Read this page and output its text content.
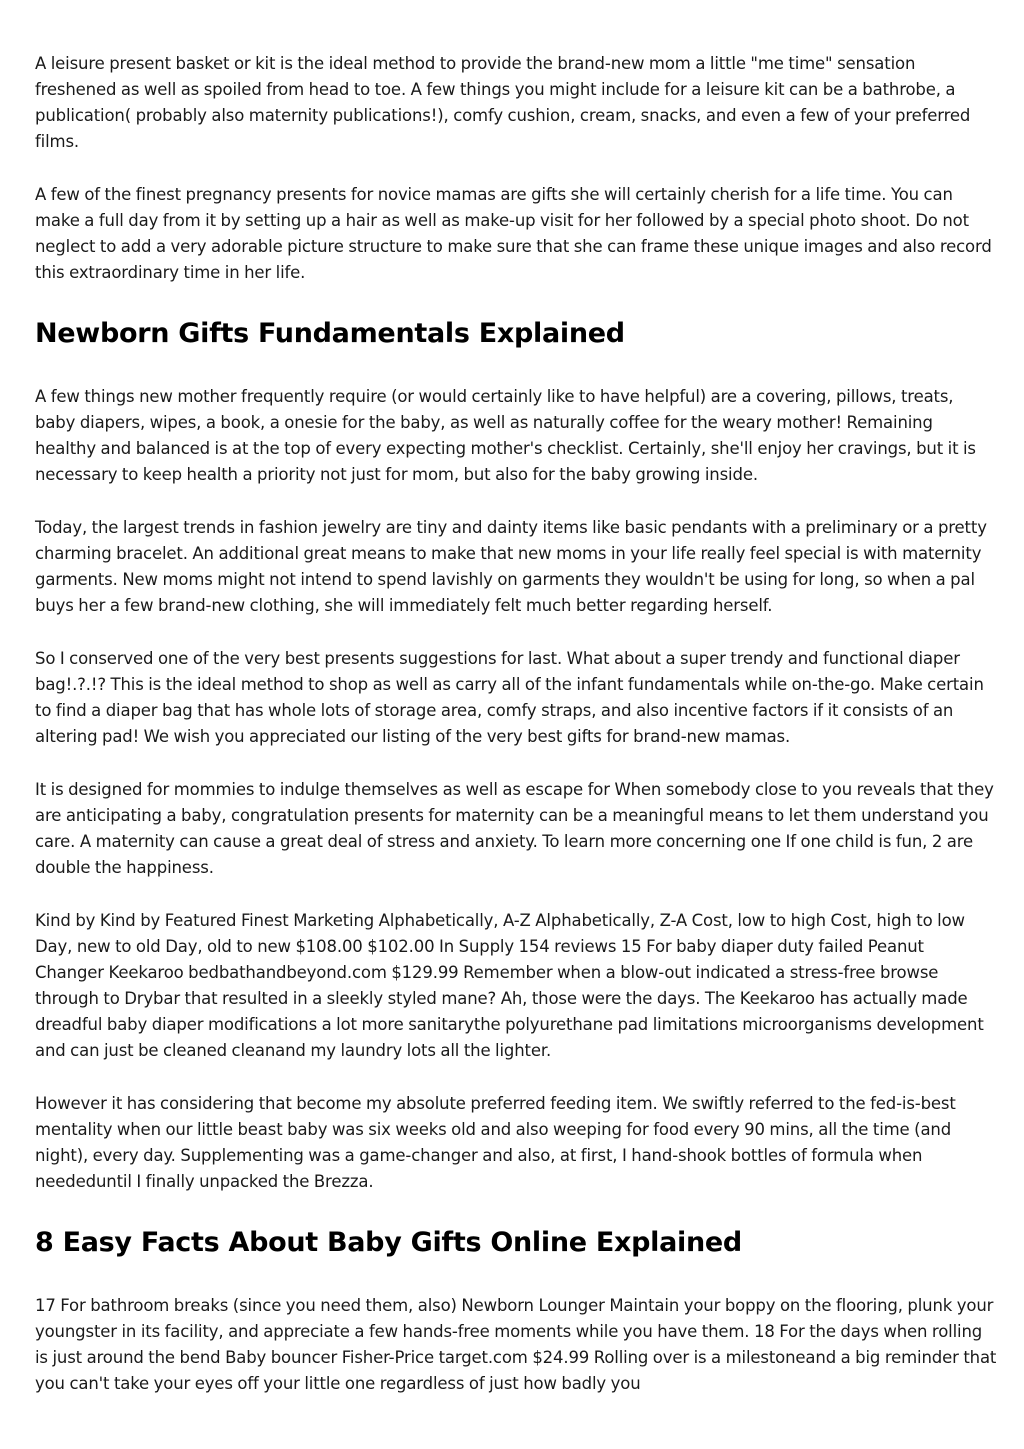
A leisure present basket or kit is the ideal method to provide the brand-new mom a little "me time" sensation freshened as well as spoiled from head to toe. A few things you might include for a leisure kit can be a bathrobe, a publication( probably also maternity publications!), comfy cushion, cream, snacks, and even a few of your preferred films.

A few of the finest pregnancy presents for novice mamas are gifts she will certainly cherish for a life time. You can make a full day from it by setting up a hair as well as make-up visit for her followed by a special photo shoot. Do not neglect to add a very adorable picture structure to make sure that she can frame these unique images and also record this extraordinary time in her life.

Newborn Gifts Fundamentals Explained

A few things new mother frequently require (or would certainly like to have helpful) are a covering, pillows, treats, baby diapers, wipes, a book, a onesie for the baby, as well as naturally coffee for the weary mother! Remaining healthy and balanced is at the top of every expecting mother's checklist. Certainly, she'll enjoy her cravings, but it is necessary to keep health a priority not just for mom, but also for the baby growing inside.

Today, the largest trends in fashion jewelry are tiny and dainty items like basic pendants with a preliminary or a pretty charming bracelet. An additional great means to make that new moms in your life really feel special is with maternity garments. New moms might not intend to spend lavishly on garments they wouldn't be using for long, so when a pal buys her a few brand-new clothing, she will immediately felt much better regarding herself.

So I conserved one of the very best presents suggestions for last. What about a super trendy and functional diaper bag!.?.!? This is the ideal method to shop as well as carry all of the infant fundamentals while on-the-go. Make certain to find a diaper bag that has whole lots of storage area, comfy straps, and also incentive factors if it consists of an altering pad! We wish you appreciated our listing of the very best gifts for brand-new mamas.

It is designed for mommies to indulge themselves as well as escape for When somebody close to you reveals that they are anticipating a baby, congratulation presents for maternity can be a meaningful means to let them understand you care. A maternity can cause a great deal of stress and anxiety. To learn more concerning one If one child is fun, 2 are double the happiness.

Kind by Kind by Featured Finest Marketing Alphabetically, A-Z Alphabetically, Z-A Cost, low to high Cost, high to low Day, new to old Day, old to new $108.00 $102.00 In Supply 154 reviews 15 For baby diaper duty failed Peanut Changer Keekaroo bedbathandbeyond.com $129.99 Remember when a blow-out indicated a stress-free browse through to Drybar that resulted in a sleekly styled mane? Ah, those were the days. The Keekaroo has actually made dreadful baby diaper modifications a lot more sanitarythe polyurethane pad limitations microorganisms development and can just be cleaned cleanand my laundry lots all the lighter.

However it has considering that become my absolute preferred feeding item. We swiftly referred to the fed-is-best mentality when our little beast baby was six weeks old and also weeping for food every 90 mins, all the time (and night), every day. Supplementing was a game-changer and also, at first, I hand-shook bottles of formula when neededuntil I finally unpacked the Brezza.

8 Easy Facts About Baby Gifts Online Explained

17 For bathroom breaks (since you need them, also) Newborn Lounger Maintain your boppy on the flooring, plunk your youngster in its facility, and appreciate a few hands-free moments while you have them. 18 For the days when rolling is just around the bend Baby bouncer Fisher-Price target.com $24.99 Rolling over is a milestoneand a big reminder that you can't take your eyes off your little one regardless of just how badly you
